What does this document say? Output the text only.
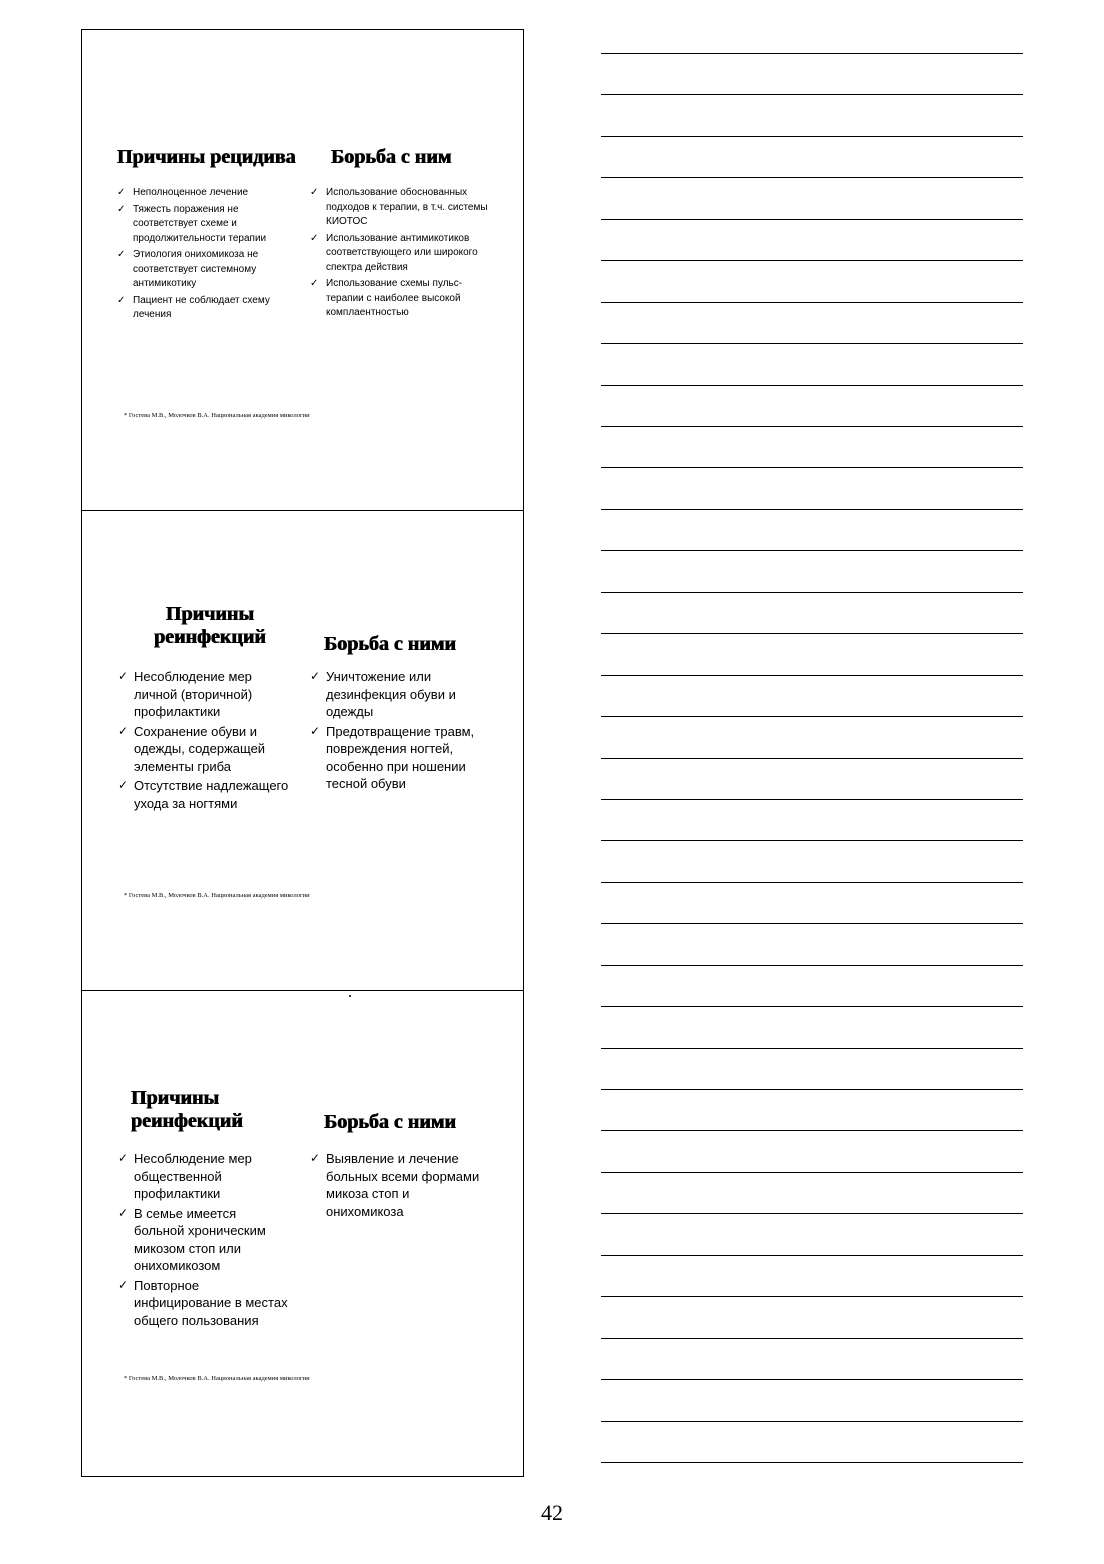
Причины рецидива	Борьба с ним
✓ Неполноценное лечение
✓ Тяжесть поражения не соответствует схеме и продолжительности терапии
✓ Этиология онихомикоза не соответствует системному антимикотику
✓ Пациент не соблюдает схему лечения
✓ Использование обоснованных подходов к терапии, в т.ч. системы КИОТОС
✓ Использование антимикотиков соответствующего или широкого спектра действия
✓ Использование схемы пульс-терапии с наиболее высокой комплаентностью
* Гостева М.В., Молочков В.А. Национальная академия микологии
Причины реинфекций	Борьба с ними
✓ Несоблюдение мер личной (вторичной) профилактики
✓ Сохранение обуви и одежды, содержащей элементы гриба
✓ Отсутствие надлежащего ухода за ногтями
✓ Уничтожение или дезинфекция обуви и одежды
✓ Предотвращение травм, повреждения ногтей, особенно при ношении тесной обуви
* Гостева М.В., Молочков В.А. Национальная академия микологии
Причины реинфекций	Борьба с ними
✓ Несоблюдение мер общественной профилактики
✓ В семье имеется больной хроническим микозом стоп или онихомикозом
✓ Повторное инфицирование в местах общего пользования
✓ Выявление и лечение больных всеми формами микоза стоп и онихомикоза
* Гостева М.В., Молочков В.А. Национальная академия микологии
42
